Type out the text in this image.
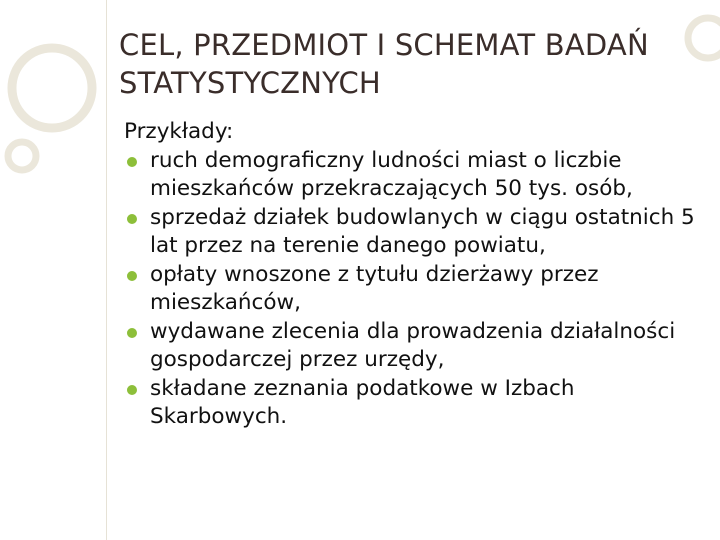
CEL, PRZEDMIOT I SCHEMAT BADAŃ STATYSTYCZNYCH

Przykłady:

ruch demograficzny ludności miast o liczbie mieszkańców przekraczających 50 tys. osób,
sprzedaż działek budowlanych w ciągu ostatnich 5 lat przez na terenie danego powiatu,
opłaty wnoszone z tytułu dzierżawy przez mieszkańców,
wydawane zlecenia dla prowadzenia działalności gospodarczej przez urzędy,
składane zeznania podatkowe w Izbach Skarbowych.
